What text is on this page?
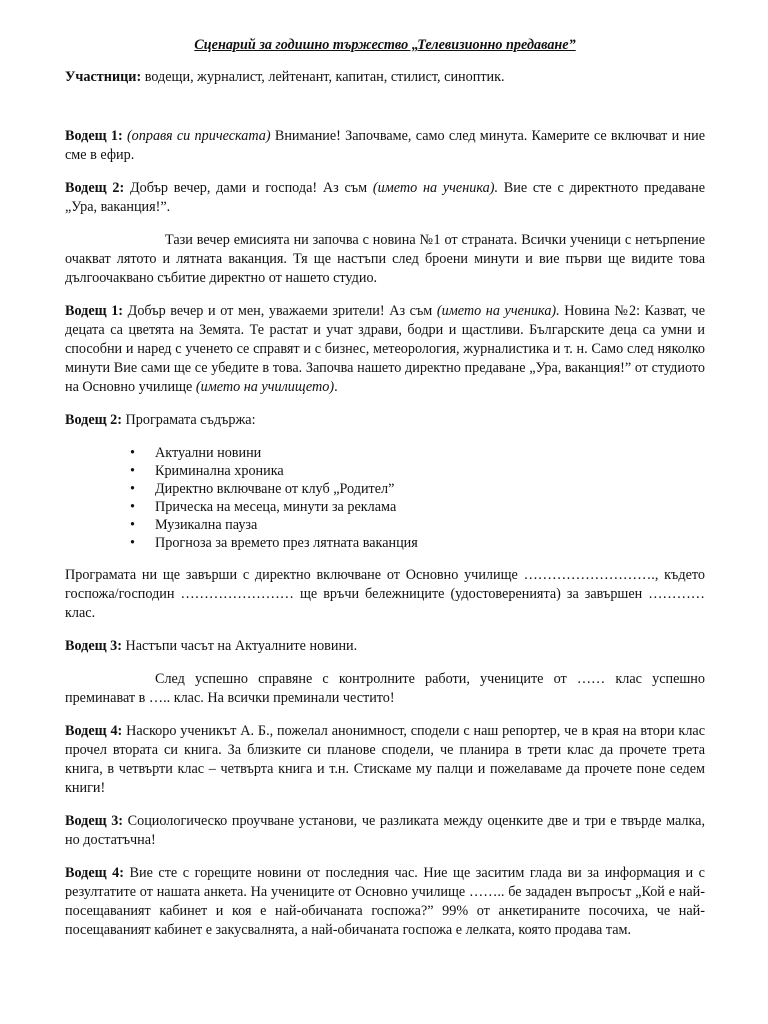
Сценарий за годишно тържество „Телевизионно предаване”

Участници: водещи, журналист, лейтенант, капитан, стилист, синоптик.

Водещ 1: (оправя си прическата) Внимание! Започваме, само след минута. Камерите се включват и ние сме в ефир.

Водещ 2: Добър вечер, дами и господа! Аз съм (името на ученика). Вие сте с директното предаване „Ура, ваканция!”.

Тази вечер емисията ни започва с новина №1 от страната. Всички ученици с нетърпение очакват лятото и лятната ваканция. Тя ще настъпи след броени минути и вие първи ще видите това дългоочаквано събитие директно от нашето студио.

Водещ 1: Добър вечер и от мен, уважаеми зрители! Аз съм (името на ученика). Новина №2: Казват, че децата са цветята на Земята. Те растат и учат здрави, бодри и щастливи. Българските деца са умни и способни и наред с ученето се справят и с бизнес, метеорология, журналистика и т. н. Само след няколко минути Вие сами ще се убедите в това. Започва нашето директно предаване „Ура, ваканция!” от студиото на Основно училище (името на училището).

Водещ 2: Програмата съдържа:

• Актуални новини
• Криминална хроника
• Директно включване от клуб „Родител”
• Прическа на месеца, минути за реклама
• Музикална пауза
• Прогноза за времето през лятната ваканция

Програмата ни ще завърши с директно включване от Основно училище ………………………., където госпожа/господин …………………… ще връчи бележниците (удостоверенията) за завършен ………… клас.

Водещ 3: Настъпи часът на Актуалните новини.

След успешно справяне с контролните работи, учениците от …… клас успешно преминават в ….. клас. На всички преминали честито!

Водещ 4: Наскоро ученикът А. Б., пожелал анонимност, сподели с наш репортер, че в края на втори клас прочел втората си книга. За близките си планове сподели, че планира в трети клас да прочете трета книга, в четвърти клас – четвърта книга и т.н. Стискаме му палци и пожелаваме да прочете поне седем книги!

Водещ 3: Социологическо проучване установи, че разликата между оценките две и три е твърде малка, но достатъчна!

Водещ 4: Вие сте с горещите новини от последния час. Ние ще заситим глада ви за информация и с резултатите от нашата анкета. На учениците от Основно училище …….. бе зададен въпросът „Кой е най-посещаваният кабинет и коя е най-обичаната госпожа?” 99% от анкетираните посочиха, че най-посещаваният кабинет е закусвалнята, а най-обичаната госпожа е лелката, която продава там.
